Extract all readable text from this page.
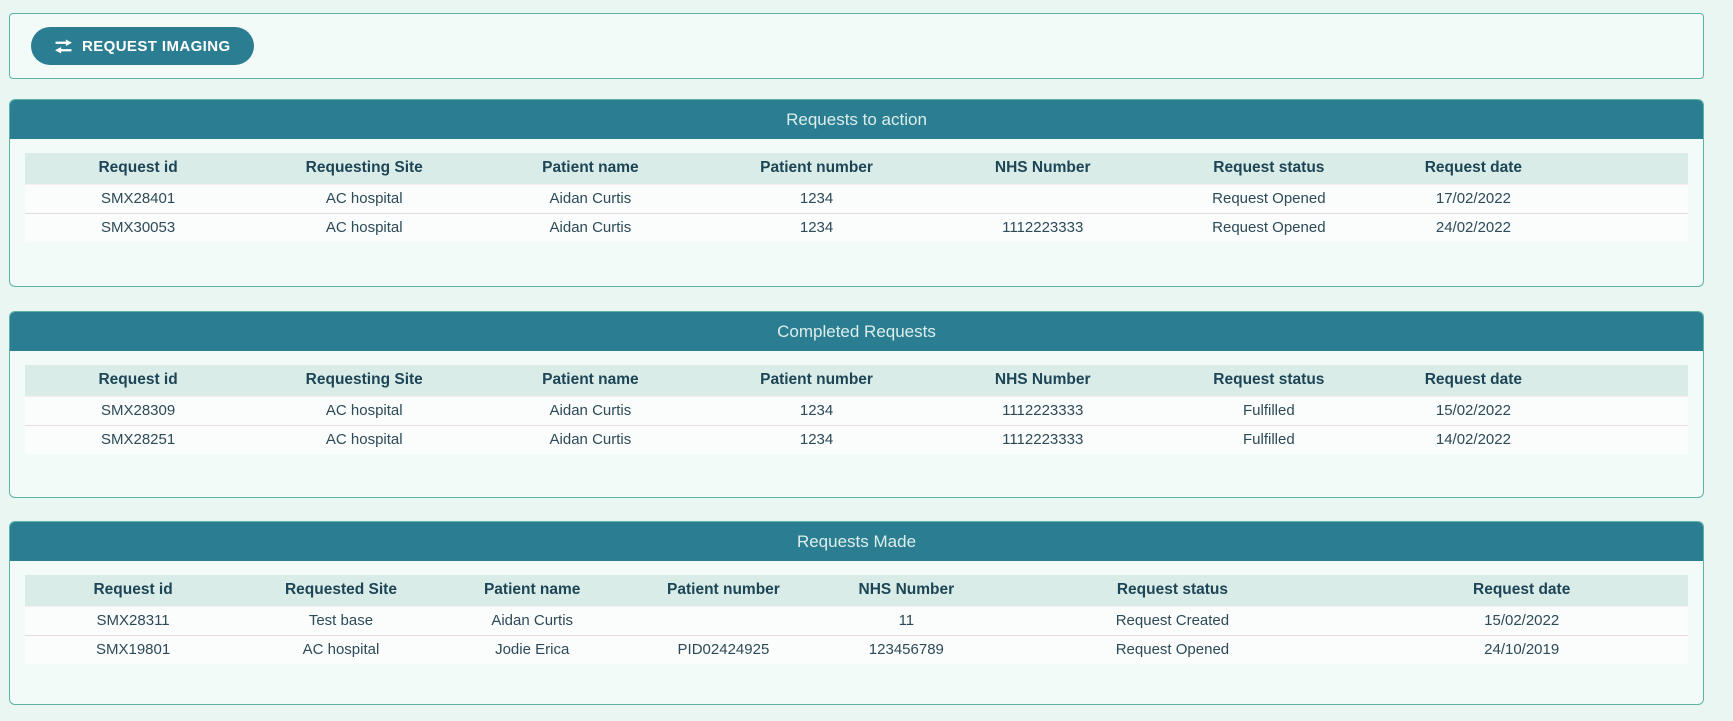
REQUEST IMAGING
Requests to action
Request id	Requesting Site	Patient name	Patient number	NHS Number	Request status	Request date	
SMX28401	AC hospital	Aidan Curtis	1234		Request Opened	17/02/2022	
SMX30053	AC hospital	Aidan Curtis	1234	1112223333	Request Opened	24/02/2022	
Completed Requests
Request id	Requesting Site	Patient name	Patient number	NHS Number	Request status	Request date	
SMX28309	AC hospital	Aidan Curtis	1234	1112223333	Fulfilled	15/02/2022	
SMX28251	AC hospital	Aidan Curtis	1234	1112223333	Fulfilled	14/02/2022	
Requests Made
Request id	Requested Site	Patient name	Patient number	NHS Number	Request status	Request date
SMX28311	Test base	Aidan Curtis		11	Request Created	15/02/2022
SMX19801	AC hospital	Jodie Erica	PID02424925	123456789	Request Opened	24/10/2019
